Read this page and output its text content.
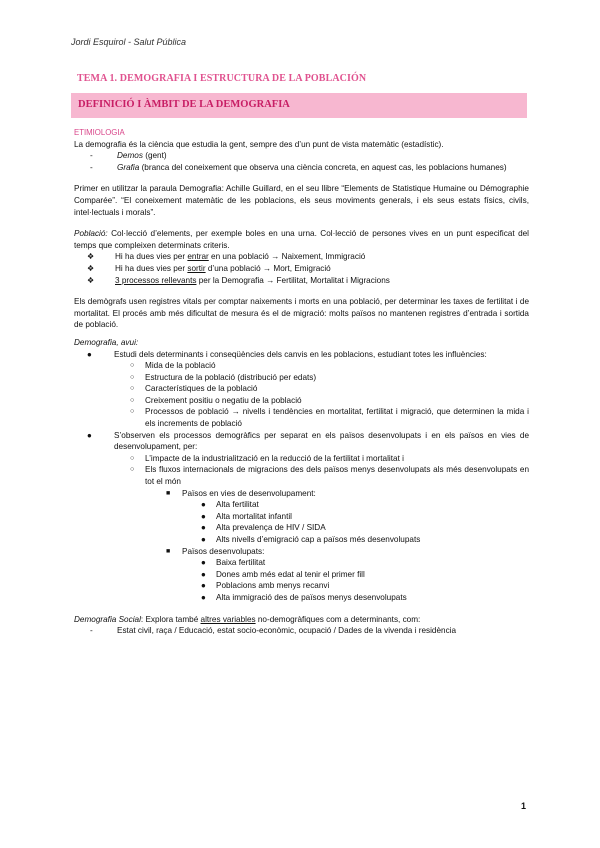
Jordi Esquirol - Salut Pública
TEMA 1. DEMOGRAFIA I ESTRUCTURA DE LA POBLACIÓN
DEFINICIÓ I ÀMBIT DE LA DEMOGRAFIA

ETIMIOLOGIA

La demografia és la ciència que estudia la gent, sempre des d’un punt de vista matemàtic (estadístic).

-	Demos (gent)
-	Grafia (branca del coneixement que observa una ciència concreta, en aquest cas, les poblacions humanes)

Primer en utilitzar la paraula Demografia: Achille Guillard, en el seu llibre “Elements de Statistique Humaine ou Démographie Comparée”. “El coneixement matemàtic de les poblacions, els seus moviments generals, i els seus estats físics, civils, intel·lectuals i morals”.

Població: Col·lecció d’elements, per exemple boles en una urna. Col·lecció de persones vives en un punt especificat del temps que compleixen determinats criteris.

❖	Hi ha dues vies per entrar en una població → Naixement, Immigració
❖	Hi ha dues vies per sortir d’una població → Mort, Emigració
❖	3 processos rellevants per la Demografia → Fertilitat, Mortalitat i Migracions

Els demògrafs usen registres vitals per comptar naixements i morts en una població, per determinar les taxes de fertilitat i de mortalitat. El procés amb més dificultat de mesura és el de migració: molts països no mantenen registres d’entrada i sortida de població.

Demografia, avui:

●	Estudi dels determinants i conseqüències dels canvis en les poblacions, estudiant totes les influències:
○ Mida de la població
○ Estructura de la població (distribució per edats)
○ Característiques de la població
○ Creixement positiu o negatiu de la població
○ Processos de població → nivells i tendències en mortalitat, fertilitat i migració, que determinen la mida i els increments de població
●	S’observen els processos demogràfics per separat en els països desenvolupats i en els països en vies de desenvolupament, per:
○ L’impacte de la industrialització en la reducció de la fertilitat i mortalitat i
○ Els fluxos internacionals de migracions des dels països menys desenvolupats als més desenvolupats en tot el món
■ Països en vies de desenvolupament:
● Alta fertilitat
● Alta mortalitat infantil
● Alta prevalença de HIV / SIDA
● Alts nivells d’emigració cap a països més desenvolupats
■ Països desenvolupats:
● Baixa fertilitat
● Dones amb més edat al tenir el primer fill
● Poblacions amb menys recanvi
● Alta immigració des de països menys desenvolupats

Demografia Social: Explora també altres variables no-demogràfiques com a determinants, com:

-	Estat civil, raça / Educació, estat socio-econòmic, ocupació / Dades de la vivenda i residència
1
